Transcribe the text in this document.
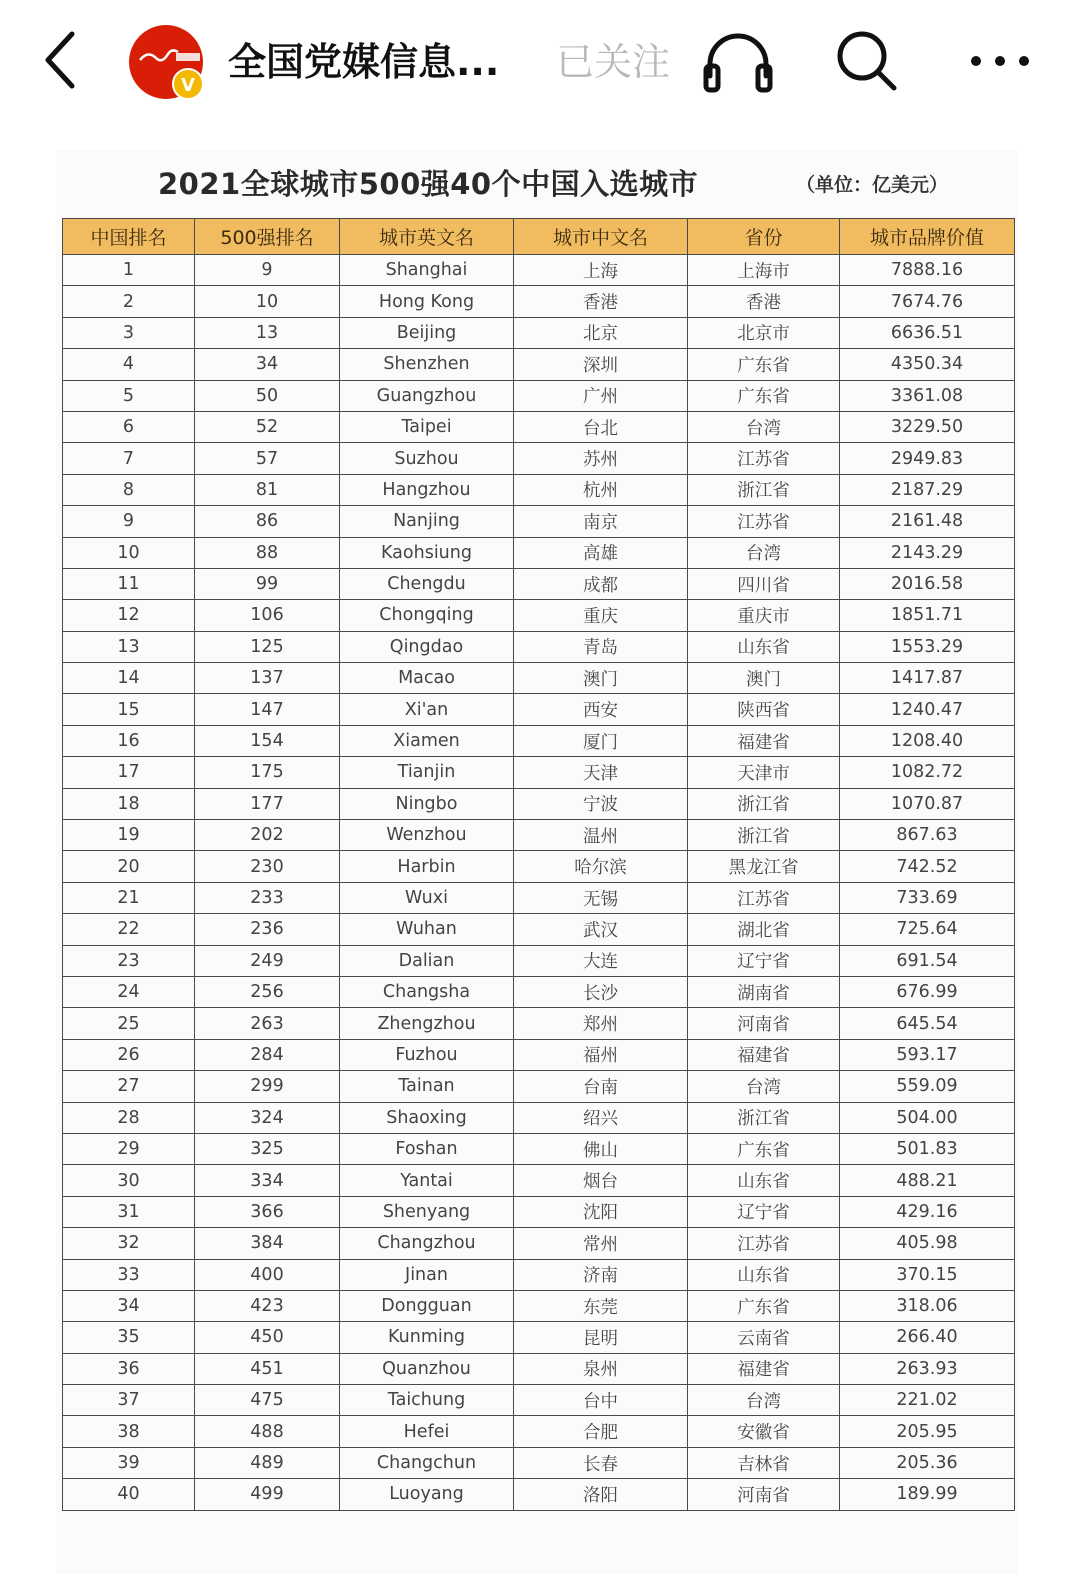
V
全国党媒信息...	已关注
2021全球城市500强40个中国入选城市	（单位：亿美元）
中国排名	500强排名	城市英文名	城市中文名	省份	城市品牌价值
1	9	Shanghai	上海	上海市	7888.16
2	10	Hong Kong	香港	香港	7674.76
3	13	Beijing	北京	北京市	6636.51
4	34	Shenzhen	深圳	广东省	4350.34
5	50	Guangzhou	广州	广东省	3361.08
6	52	Taipei	台北	台湾	3229.50
7	57	Suzhou	苏州	江苏省	2949.83
8	81	Hangzhou	杭州	浙江省	2187.29
9	86	Nanjing	南京	江苏省	2161.48
10	88	Kaohsiung	高雄	台湾	2143.29
11	99	Chengdu	成都	四川省	2016.58
12	106	Chongqing	重庆	重庆市	1851.71
13	125	Qingdao	青岛	山东省	1553.29
14	137	Macao	澳门	澳门	1417.87
15	147	Xi'an	西安	陕西省	1240.47
16	154	Xiamen	厦门	福建省	1208.40
17	175	Tianjin	天津	天津市	1082.72
18	177	Ningbo	宁波	浙江省	1070.87
19	202	Wenzhou	温州	浙江省	867.63
20	230	Harbin	哈尔滨	黑龙江省	742.52
21	233	Wuxi	无锡	江苏省	733.69
22	236	Wuhan	武汉	湖北省	725.64
23	249	Dalian	大连	辽宁省	691.54
24	256	Changsha	长沙	湖南省	676.99
25	263	Zhengzhou	郑州	河南省	645.54
26	284	Fuzhou	福州	福建省	593.17
27	299	Tainan	台南	台湾	559.09
28	324	Shaoxing	绍兴	浙江省	504.00
29	325	Foshan	佛山	广东省	501.83
30	334	Yantai	烟台	山东省	488.21
31	366	Shenyang	沈阳	辽宁省	429.16
32	384	Changzhou	常州	江苏省	405.98
33	400	Jinan	济南	山东省	370.15
34	423	Dongguan	东莞	广东省	318.06
35	450	Kunming	昆明	云南省	266.40
36	451	Quanzhou	泉州	福建省	263.93
37	475	Taichung	台中	台湾	221.02
38	488	Hefei	合肥	安徽省	205.95
39	489	Changchun	长春	吉林省	205.36
40	499	Luoyang	洛阳	河南省	189.99
